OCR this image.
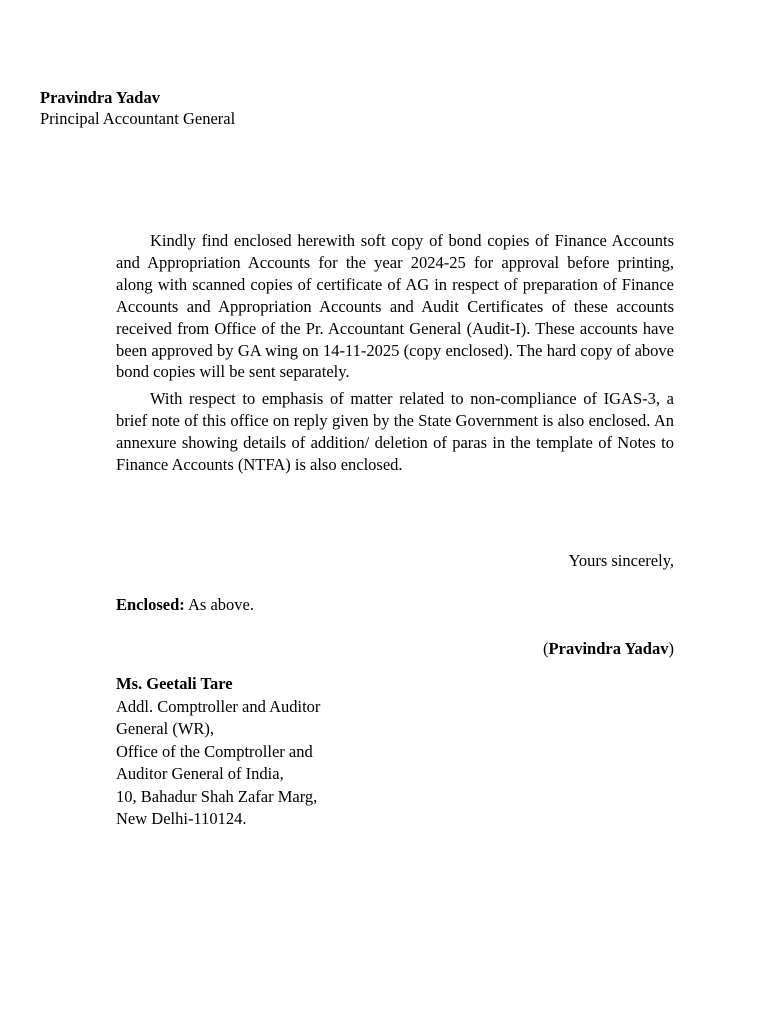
Pravindra Yadav
Principal Accountant General

Kindly find enclosed herewith soft copy of bond copies of Finance Accounts and Appropriation Accounts for the year 2024-25 for approval before printing, along with scanned copies of certificate of AG in respect of preparation of Finance Accounts and Appropriation Accounts and Audit Certificates of these accounts received from Office of the Pr. Accountant General (Audit-I). These accounts have been approved by GA wing on 14-11-2025 (copy enclosed). The hard copy of above bond copies will be sent separately.

With respect to emphasis of matter related to non-compliance of IGAS-3, a brief note of this office on reply given by the State Government is also enclosed. An annexure showing details of addition/ deletion of paras in the template of Notes to Finance Accounts (NTFA) is also enclosed.

Yours sincerely,
Enclosed: As above.
(Pravindra Yadav)
Ms. Geetali Tare
Addl. Comptroller and Auditor
General (WR),
Office of the Comptroller and
Auditor General of India,
10, Bahadur Shah Zafar Marg,
New Delhi-110124.
